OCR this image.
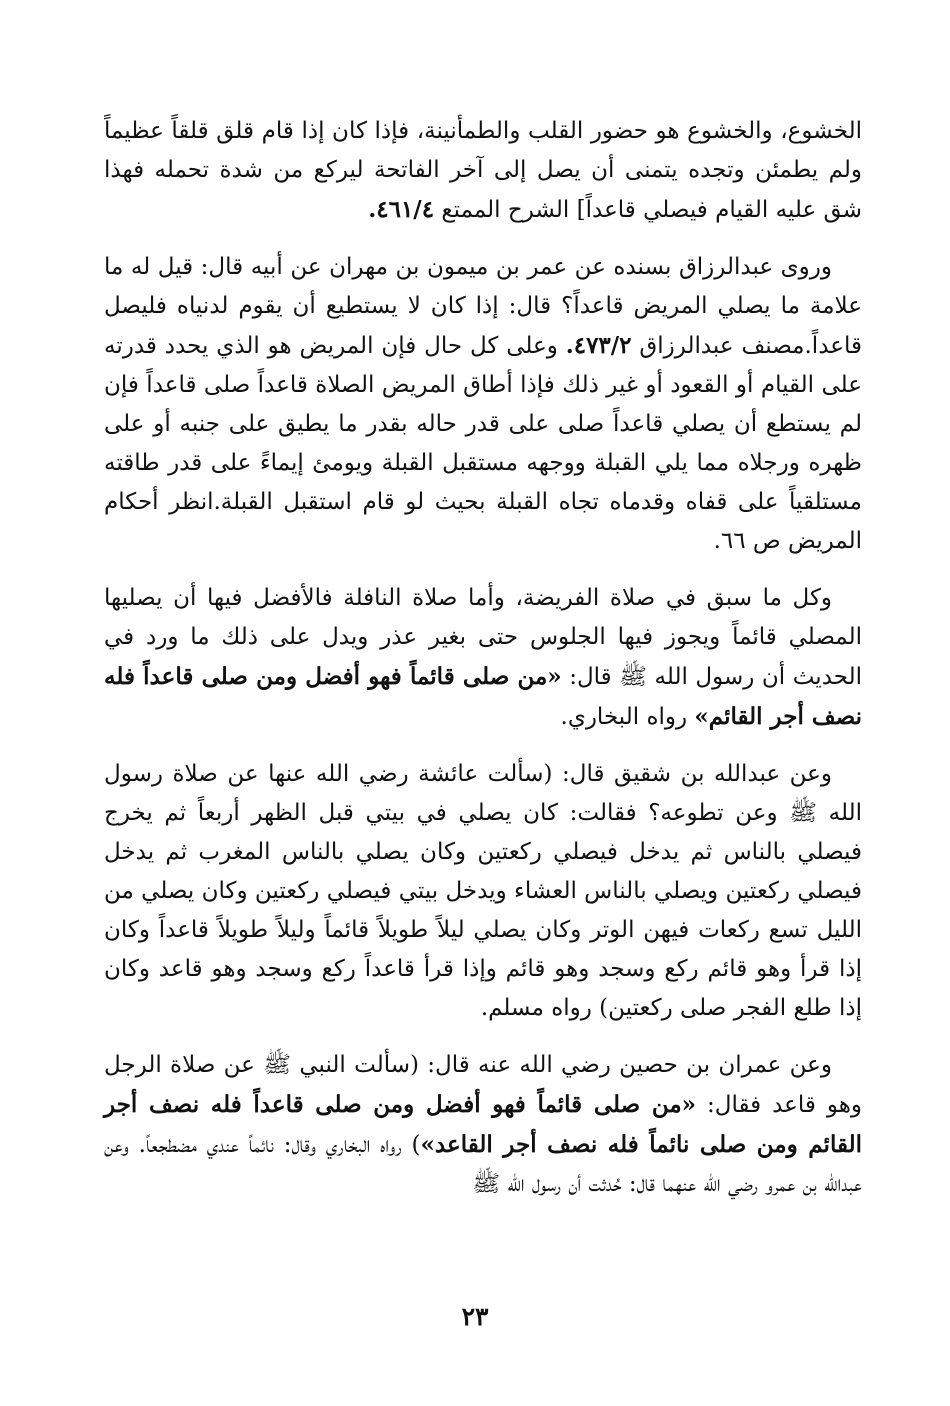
الخشوع، والخشوع هو حضور القلب والطمأنينة، فإذا كان إذا قام قلق قلقاً عظيماً ولم يطمئن وتجده يتمنى أن يصل إلى آخر الفاتحة ليركع من شدة تحمله فهذا شق عليه القيام فيصلي قاعداً] الشرح الممتع ٤٦١/٤.

وروى عبدالرزاق بسنده عن عمر بن ميمون بن مهران عن أبيه قال: قيل له ما علامة ما يصلي المريض قاعداً؟ قال: إذا كان لا يستطيع أن يقوم لدنياه فليصل قاعداً.مصنف عبدالرزاق ٤٧٣/٢. وعلى كل حال فإن المريض هو الذي يحدد قدرته على القيام أو القعود أو غير ذلك فإذا أطاق المريض الصلاة قاعداً صلى قاعداً فإن لم يستطع أن يصلي قاعداً صلى على قدر حاله بقدر ما يطيق على جنبه أو على ظهره ورجلاه مما يلي القبلة ووجهه مستقبل القبلة ويومئ إيماءً على قدر طاقته مستلقياً على قفاه وقدماه تجاه القبلة بحيث لو قام استقبل القبلة.انظر أحكام المريض ص ٦٦.

وكل ما سبق في صلاة الفريضة، وأما صلاة النافلة فالأفضل فيها أن يصليها المصلي قائماً ويجوز فيها الجلوس حتى بغير عذر ويدل على ذلك ما ورد في الحديث أن رسول الله ﷺ قال: «من صلى قائماً فهو أفضل ومن صلى قاعداً فله نصف أجر القائم» رواه البخاري.

وعن عبدالله بن شقيق قال: (سألت عائشة رضي الله عنها عن صلاة رسول الله ﷺ وعن تطوعه؟ فقالت: كان يصلي في بيتي قبل الظهر أربعاً ثم يخرج فيصلي بالناس ثم يدخل فيصلي ركعتين وكان يصلي بالناس المغرب ثم يدخل فيصلي ركعتين ويصلي بالناس العشاء ويدخل بيتي فيصلي ركعتين وكان يصلي من الليل تسع ركعات فيهن الوتر وكان يصلي ليلاً طويلاً قائماً وليلاً طويلاً قاعداً وكان إذا قرأ وهو قائم ركع وسجد وهو قائم وإذا قرأ قاعداً ركع وسجد وهو قاعد وكان إذا طلع الفجر صلى ركعتين) رواه مسلم.

وعن عمران بن حصين رضي الله عنه قال: (سألت النبي ﷺ عن صلاة الرجل وهو قاعد فقال: «من صلى قائماً فهو أفضل ومن صلى قاعداً فله نصف أجر القائم ومن صلى نائماً فله نصف أجر القاعد») رواه البخاري وقال: نائماً عندي مضطجعاً. وعن عبدالله بن عمرو رضي الله عنهما قال: حُدثت أن رسول الله ﷺ

٢٣
